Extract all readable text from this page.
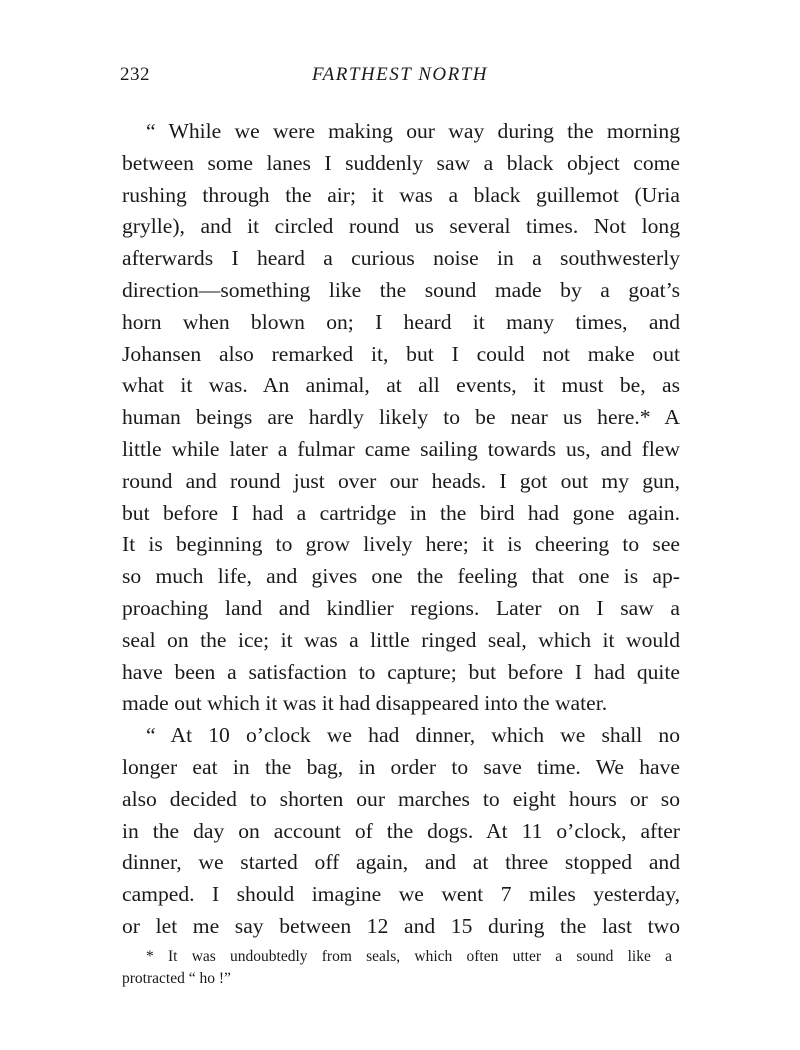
232	FARTHEST NORTH
“ While we were making our way during the morning
between some lanes I suddenly saw a black object come
rushing through the air; it was a black guillemot (Uria
grylle), and it circled round us several times. Not long
afterwards I heard a curious noise in a southwesterly
direction—something like the sound made by a goat’s
horn when blown on; I heard it many times, and
Johansen also remarked it, but I could not make out
what it was. An animal, at all events, it must be, as
human beings are hardly likely to be near us here.* A
little while later a fulmar came sailing towards us, and flew
round and round just over our heads. I got out my gun,
but before I had a cartridge in the bird had gone again.
It is beginning to grow lively here; it is cheering to see
so much life, and gives one the feeling that one is ap-
proaching land and kindlier regions. Later on I saw a
seal on the ice; it was a little ringed seal, which it would
have been a satisfaction to capture; but before I had quite
made out which it was it had disappeared into the water.
“ At 10 o’clock we had dinner, which we shall no
longer eat in the bag, in order to save time. We have
also decided to shorten our marches to eight hours or so
in the day on account of the dogs. At 11 o’clock, after
dinner, we started off again, and at three stopped and
camped. I should imagine we went 7 miles yesterday,
or let me say between 12 and 15 during the last two
* It was undoubtedly from seals, which often utter a sound like a
protracted “ ho !”
